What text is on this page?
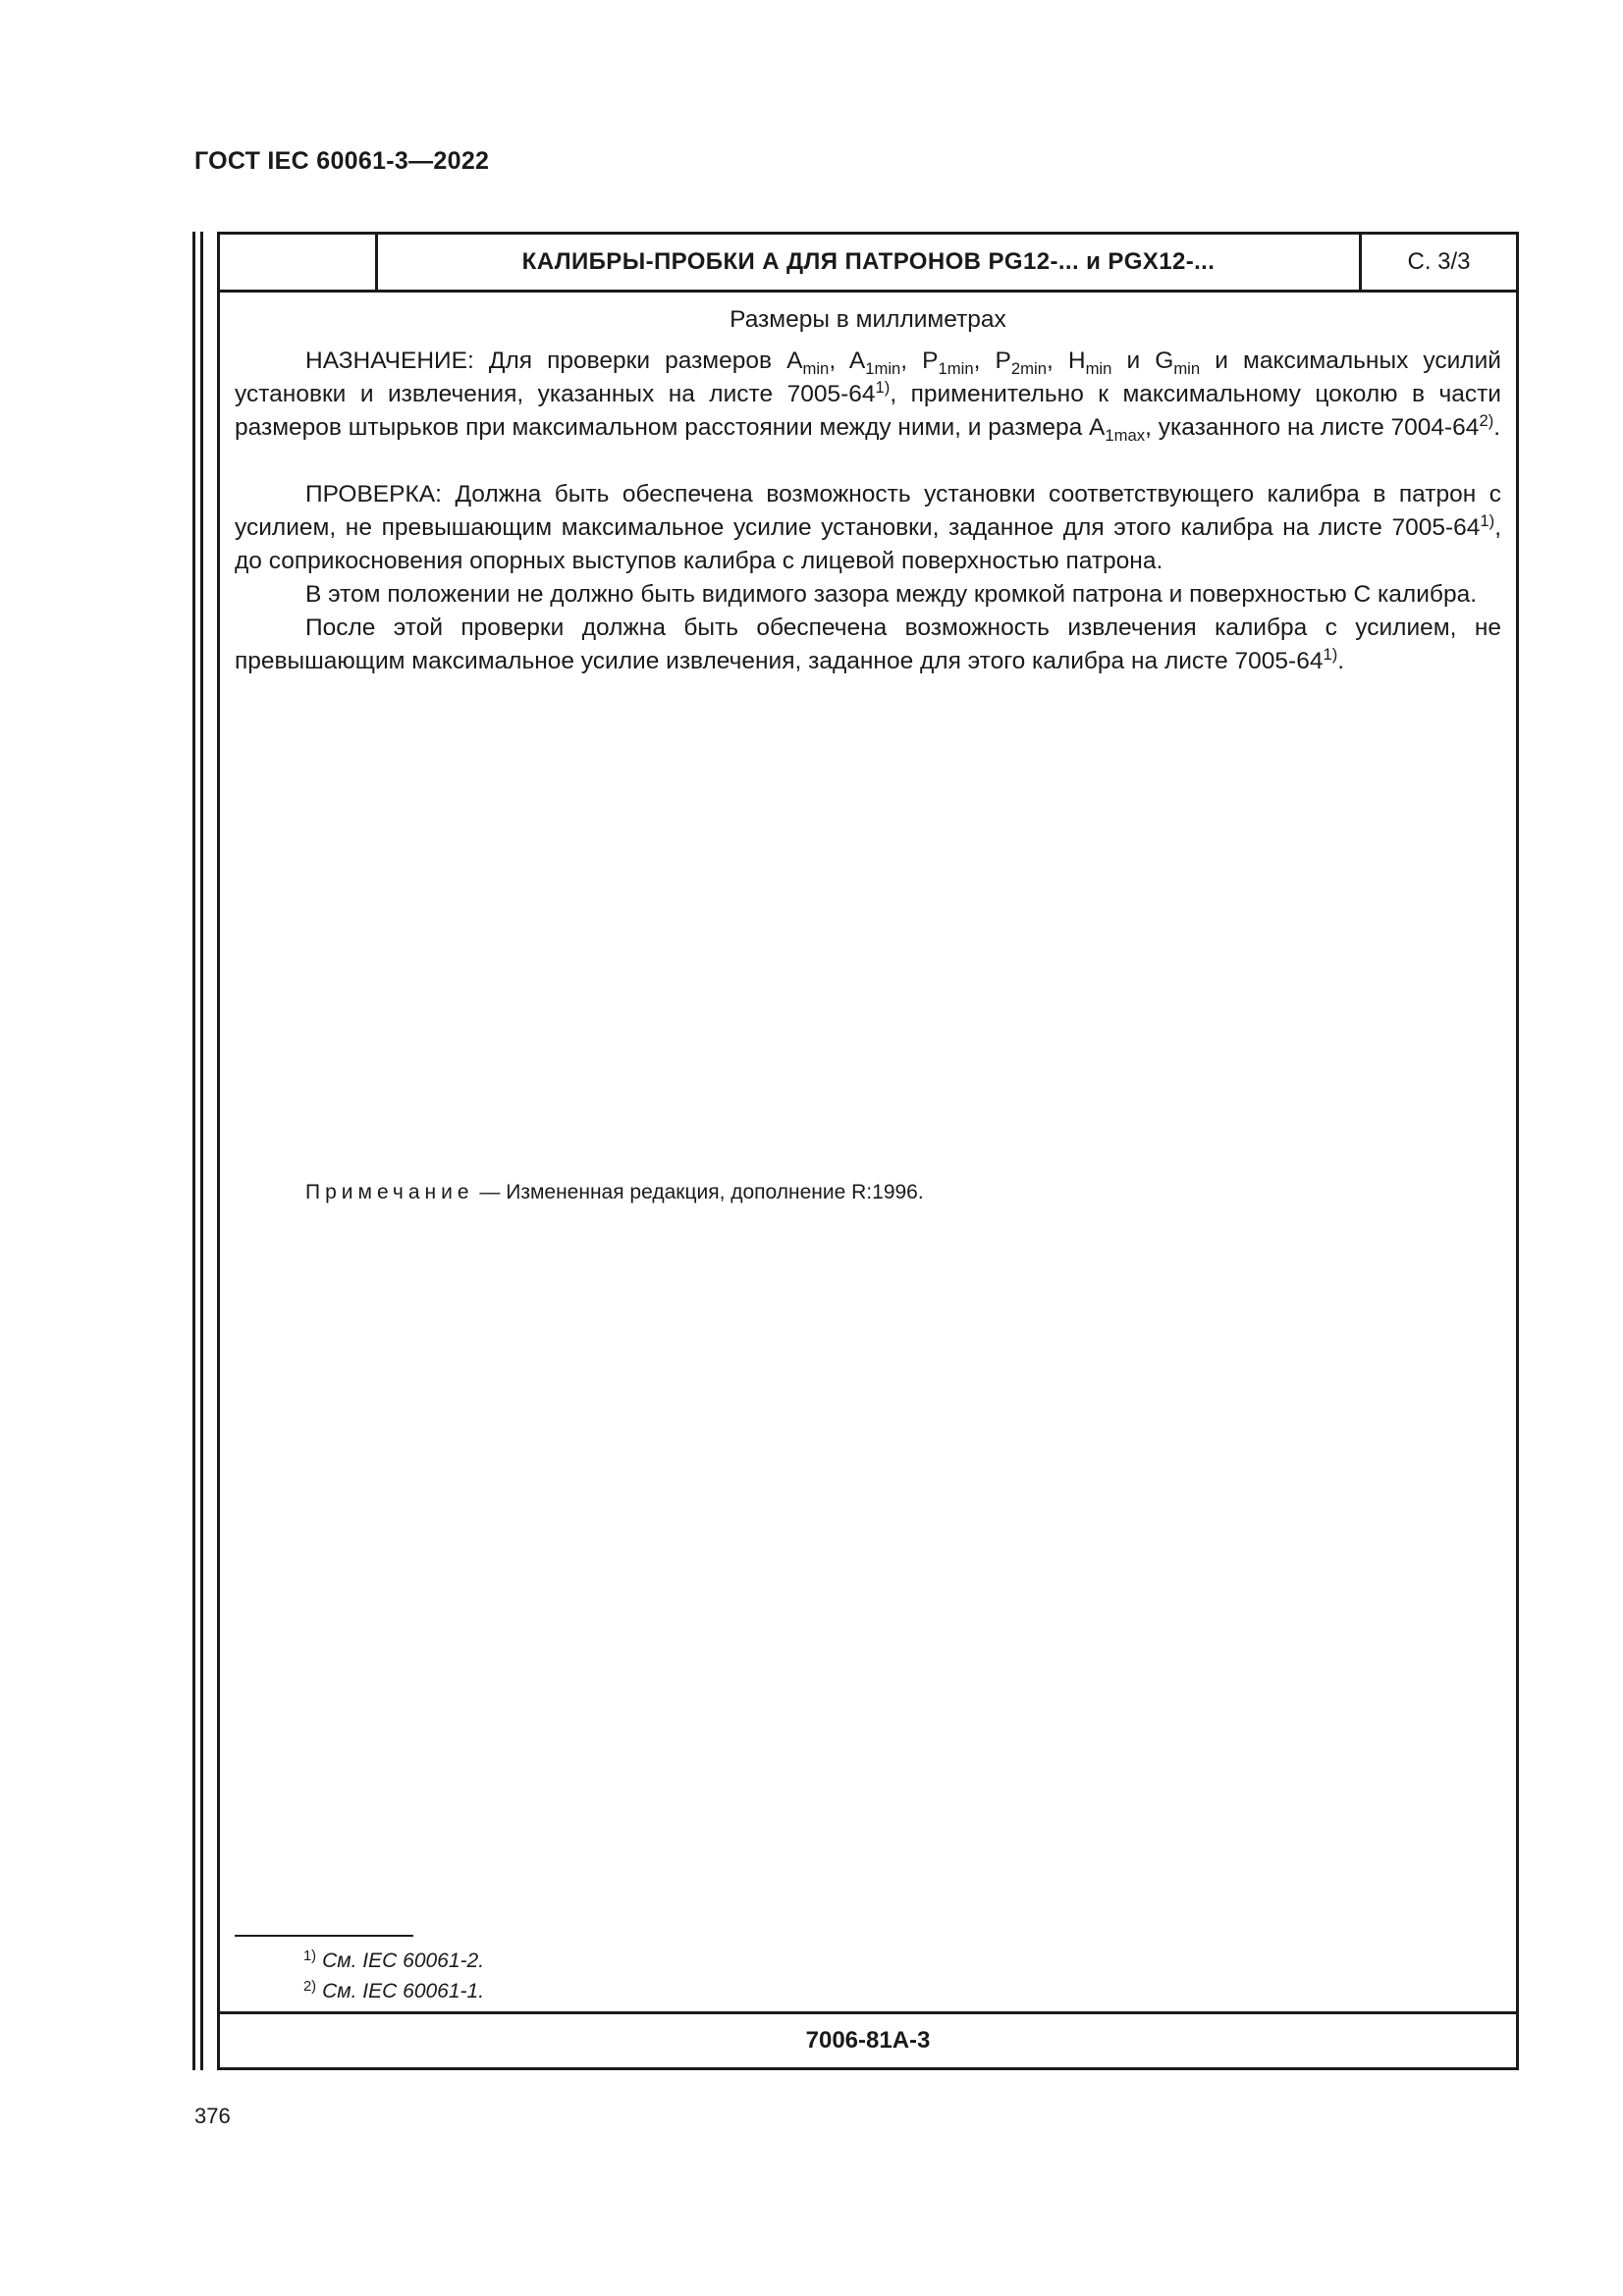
ГОСТ IEC 60061-3—2022
КАЛИБРЫ-ПРОБКИ А ДЛЯ ПАТРОНОВ PG12-... и PGX12-...	С. 3/3

Размеры в миллиметрах

НАЗНАЧЕНИЕ: Для проверки размеров $A_{min}$, $A_{1min}$, $P_{1min}$, $P_{2min}$, $H_{min}$ и $G_{min}$ и максимальных усилий установки и извлечения, указанных на листе 7005-64$^{1)}$, применительно к максимальному цоколю в части размеров штырьков при максимальном расстоянии между ними, и размера $A_{1max}$, указанного на листе 7004-64$^{2)}$.

ПРОВЕРКА: Должна быть обеспечена возможность установки соответствующего калибра в патрон с усилием, не превышающим максимальное усилие установки, заданное для этого калибра на листе 7005-64$^{1)}$, до соприкосновения опорных выступов калибра с лицевой поверхностью патрона.

В этом положении не должно быть видимого зазора между кромкой патрона и поверхностью С калибра.

После этой проверки должна быть обеспечена возможность извлечения калибра с усилием, не превышающим максимальное усилие извлечения, заданное для этого калибра на листе 7005-64$^{1)}$.

Примечание — Измененная редакция, дополнение R:1996.
$^{1)}$ См. IEC 60061-2.
$^{2)}$ См. IEC 60061-1.
7006-81А-3
376
